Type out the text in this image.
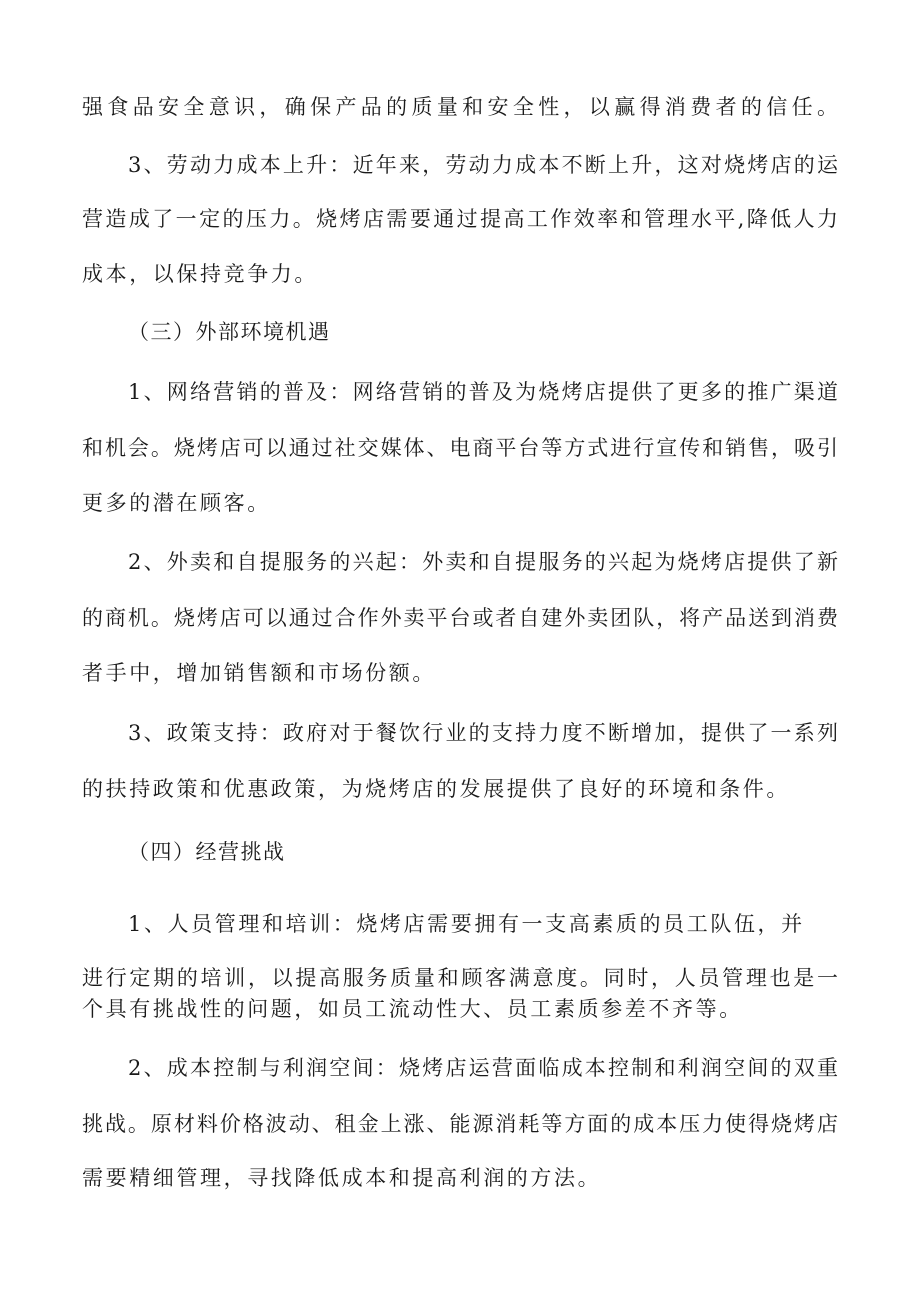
强食品安全意识，确保产品的质量和安全性，以赢得消费者的信任。
3、劳动力成本上升：近年来，劳动力成本不断上升，这对烧烤店的运
营造成了一定的压力。烧烤店需要通过提高工作效率和管理水平,降低人力
成本，以保持竞争力。
（三）外部环境机遇
1、网络营销的普及：网络营销的普及为烧烤店提供了更多的推广渠道
和机会。烧烤店可以通过社交媒体、电商平台等方式进行宣传和销售，吸引
更多的潜在顾客。
2、外卖和自提服务的兴起：外卖和自提服务的兴起为烧烤店提供了新
的商机。烧烤店可以通过合作外卖平台或者自建外卖团队，将产品送到消费
者手中，增加销售额和市场份额。
3、政策支持：政府对于餐饮行业的支持力度不断增加，提供了一系列
的扶持政策和优惠政策，为烧烤店的发展提供了良好的环境和条件。
（四）经营挑战
1、人员管理和培训：烧烤店需要拥有一支高素质的员工队伍，并
进行定期的培训，以提高服务质量和顾客满意度。同时，人员管理也是一
个具有挑战性的问题，如员工流动性大、员工素质参差不齐等。
2、成本控制与利润空间：烧烤店运营面临成本控制和利润空间的双重
挑战。原材料价格波动、租金上涨、能源消耗等方面的成本压力使得烧烤店
需要精细管理，寻找降低成本和提高利润的方法。
